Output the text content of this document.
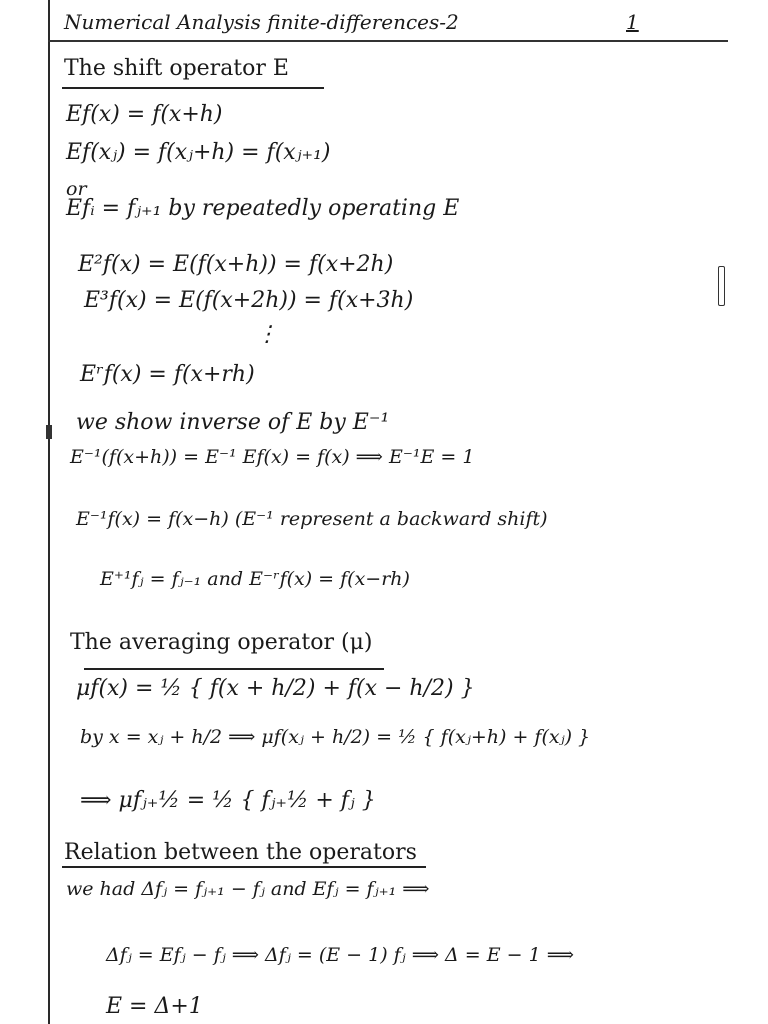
Numerical Analysis finite-differences-2	1
The shift operator E
Ef(x) = f(x+h)
Ef(xⱼ) = f(xⱼ+h) = f(xⱼ₊₁)
or
Efᵢ = fⱼ₊₁ by repeatedly operating E
E²f(x) = E(f(x+h)) = f(x+2h)
E³f(x) = E(f(x+2h)) = f(x+3h)
⋮
Eʳf(x) = f(x+rh)
we show inverse of E by E⁻¹
E⁻¹(f(x+h)) = E⁻¹ Ef(x) = f(x) ⟹ E⁻¹E = 1
E⁻¹f(x) = f(x−h) (E⁻¹ represent a backward shift)
E⁺¹fⱼ = fⱼ₋₁ and E⁻ʳf(x) = f(x−rh)
The averaging operator (μ)
μf(x) = ½ { f(x + h/2) + f(x − h/2) }
by x = xⱼ + h/2 ⟹ μf(xⱼ + h/2) = ½ { f(xⱼ+h) + f(xⱼ) }
⟹ μfⱼ₊½ = ½ { fⱼ₊½ + fⱼ }
Relation between the operators
we had Δfⱼ = fⱼ₊₁ − fⱼ and Efⱼ = fⱼ₊₁ ⟹
Δfⱼ = Efⱼ − fⱼ ⟹ Δfⱼ = (E − 1) fⱼ ⟹ Δ = E − 1 ⟹
E = Δ+1
